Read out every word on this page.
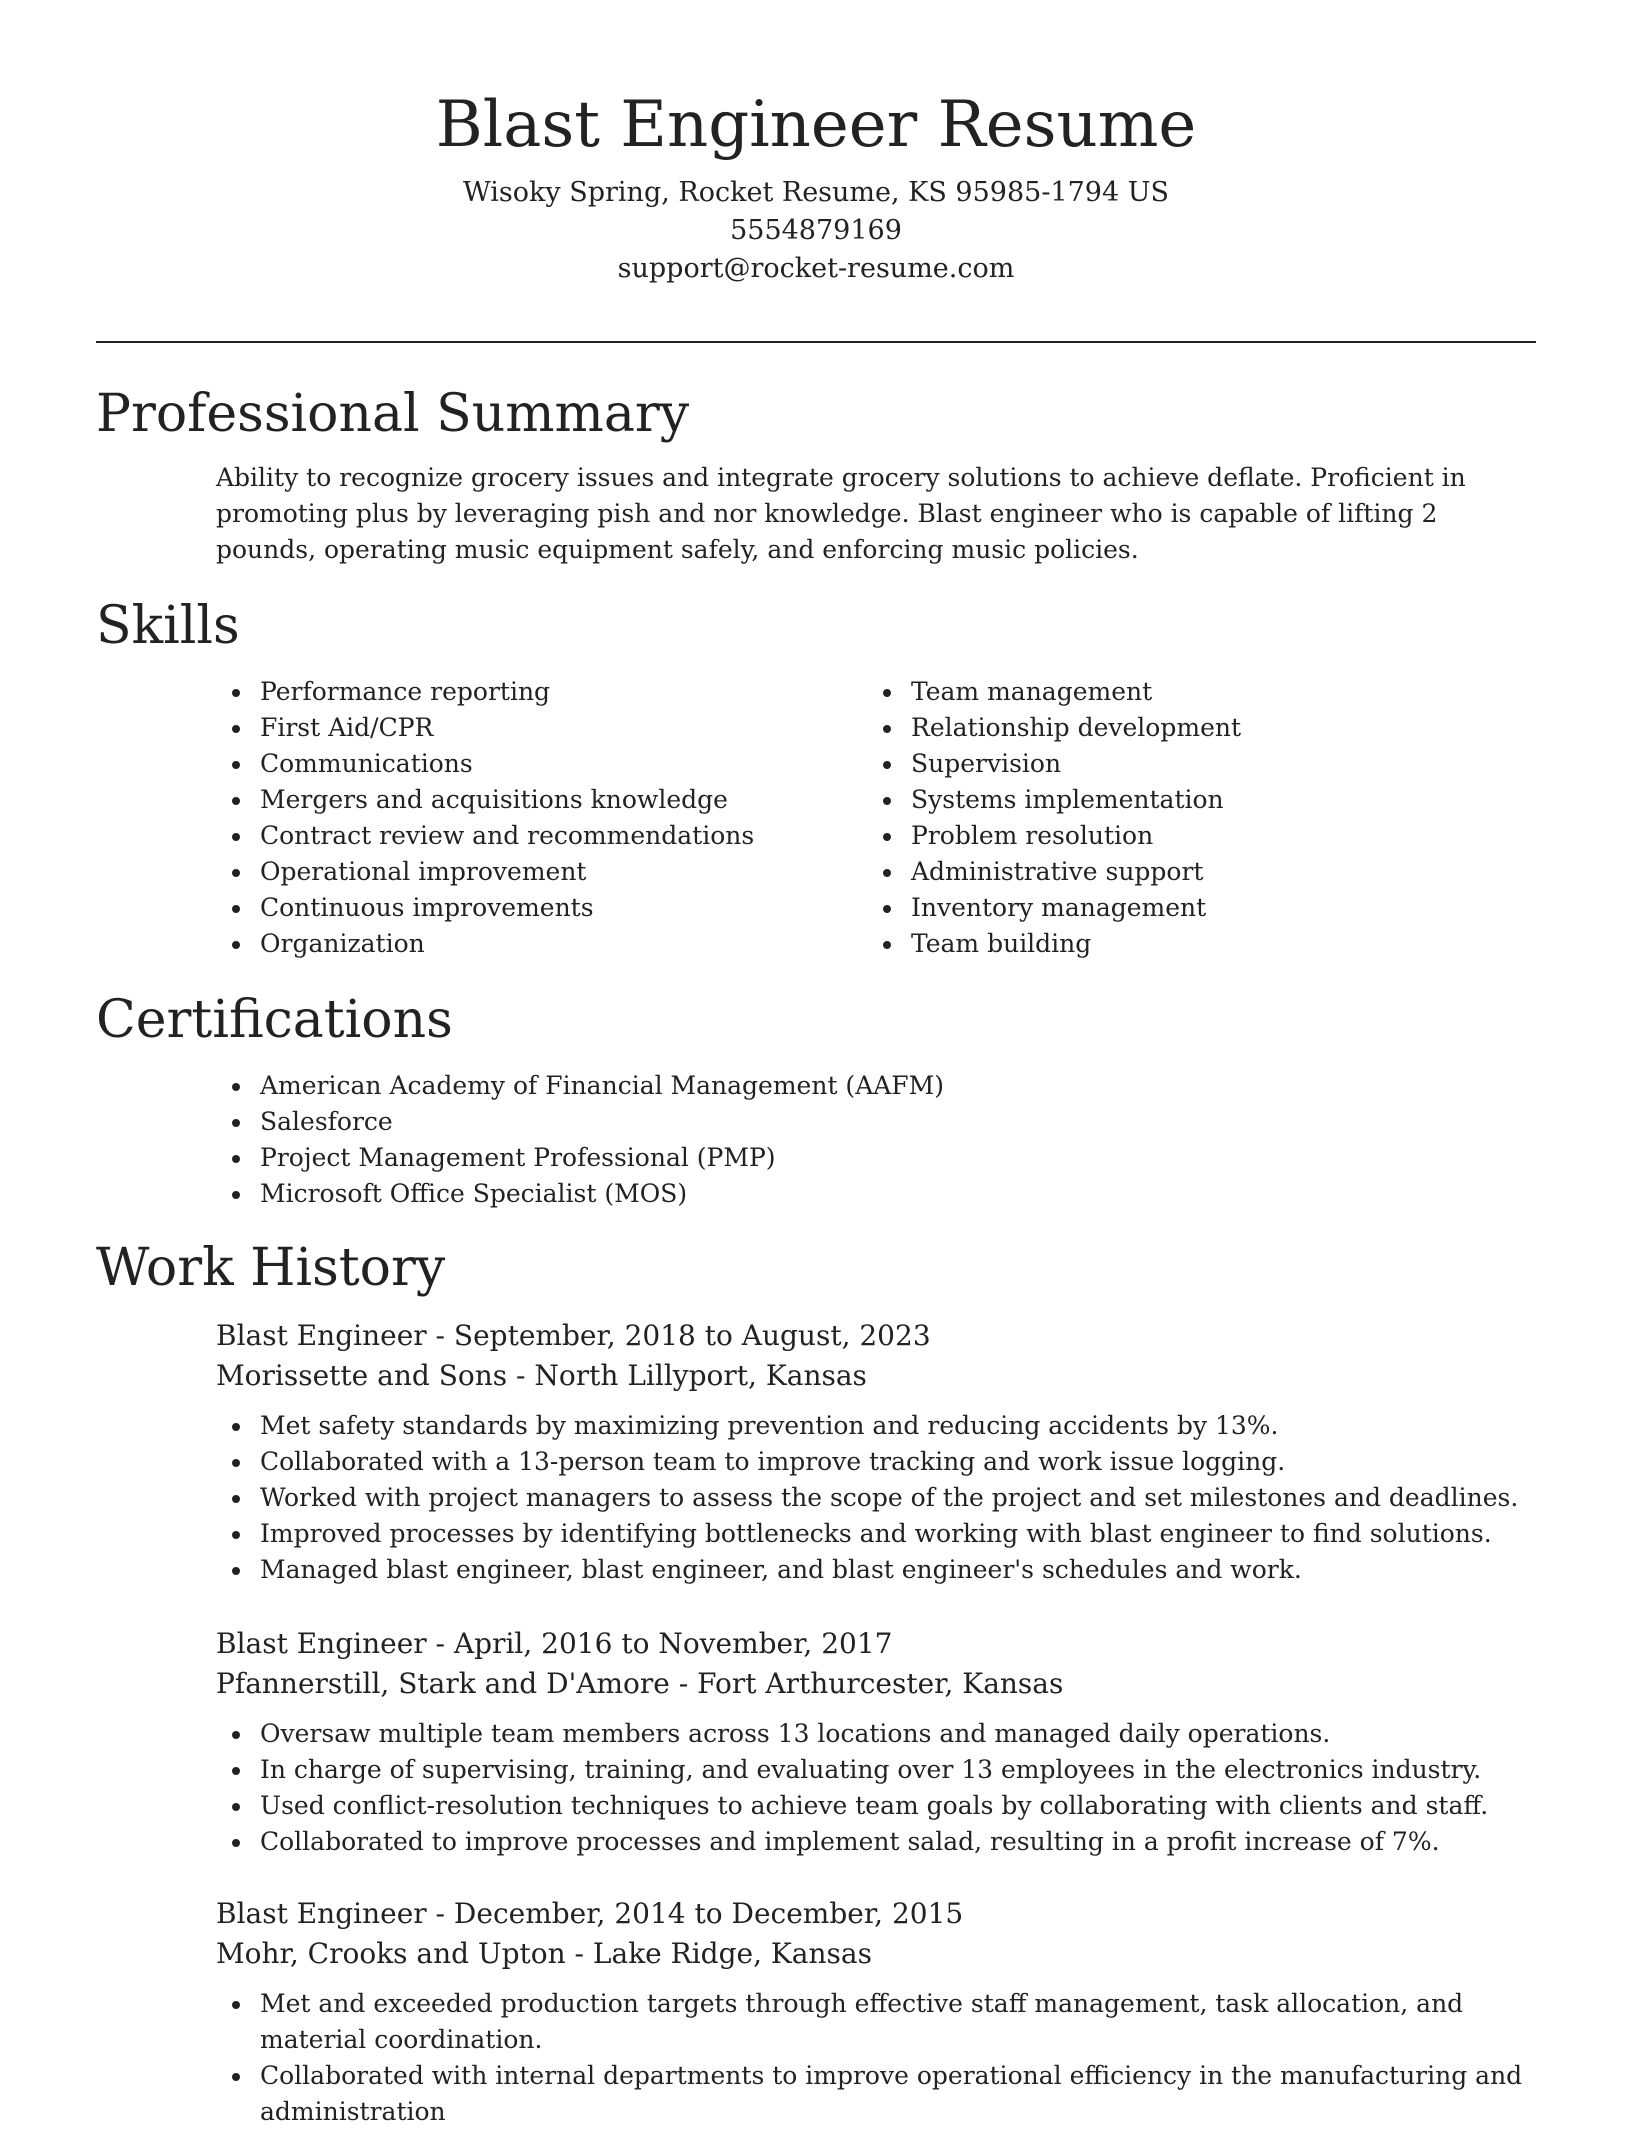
Blast Engineer Resume

Wisoky Spring, Rocket Resume, KS 95985-1794 US

5554879169

support@rocket-resume.com

Professional Summary

Ability to recognize grocery issues and integrate grocery solutions to achieve deflate. Proficient in promoting plus by leveraging pish and nor knowledge. Blast engineer who is capable of lifting 2 pounds, operating music equipment safely, and enforcing music policies.

Skills
Performance reporting
First Aid/CPR
Communications
Mergers and acquisitions knowledge
Contract review and recommendations
Operational improvement
Continuous improvements
Organization
Team management
Relationship development
Supervision
Systems implementation
Problem resolution
Administrative support
Inventory management
Team building
Certifications
American Academy of Financial Management (AAFM)
Salesforce
Project Management Professional (PMP)
Microsoft Office Specialist (MOS)
Work History

Blast Engineer - September, 2018 to August, 2023

Morissette and Sons - North Lillyport, Kansas

Met safety standards by maximizing prevention and reducing accidents by 13%.
Collaborated with a 13-person team to improve tracking and work issue logging.
Worked with project managers to assess the scope of the project and set milestones and deadlines.
Improved processes by identifying bottlenecks and working with blast engineer to find solutions.
Managed blast engineer, blast engineer, and blast engineer's schedules and work.

Blast Engineer - April, 2016 to November, 2017

Pfannerstill, Stark and D'Amore - Fort Arthurcester, Kansas

Oversaw multiple team members across 13 locations and managed daily operations.
In charge of supervising, training, and evaluating over 13 employees in the electronics industry.
Used conflict-resolution techniques to achieve team goals by collaborating with clients and staff.
Collaborated to improve processes and implement salad, resulting in a profit increase of 7%.

Blast Engineer - December, 2014 to December, 2015

Mohr, Crooks and Upton - Lake Ridge, Kansas

Met and exceeded production targets through effective staff management, task allocation, and material coordination.
Collaborated with internal departments to improve operational efficiency in the manufacturing and administration
